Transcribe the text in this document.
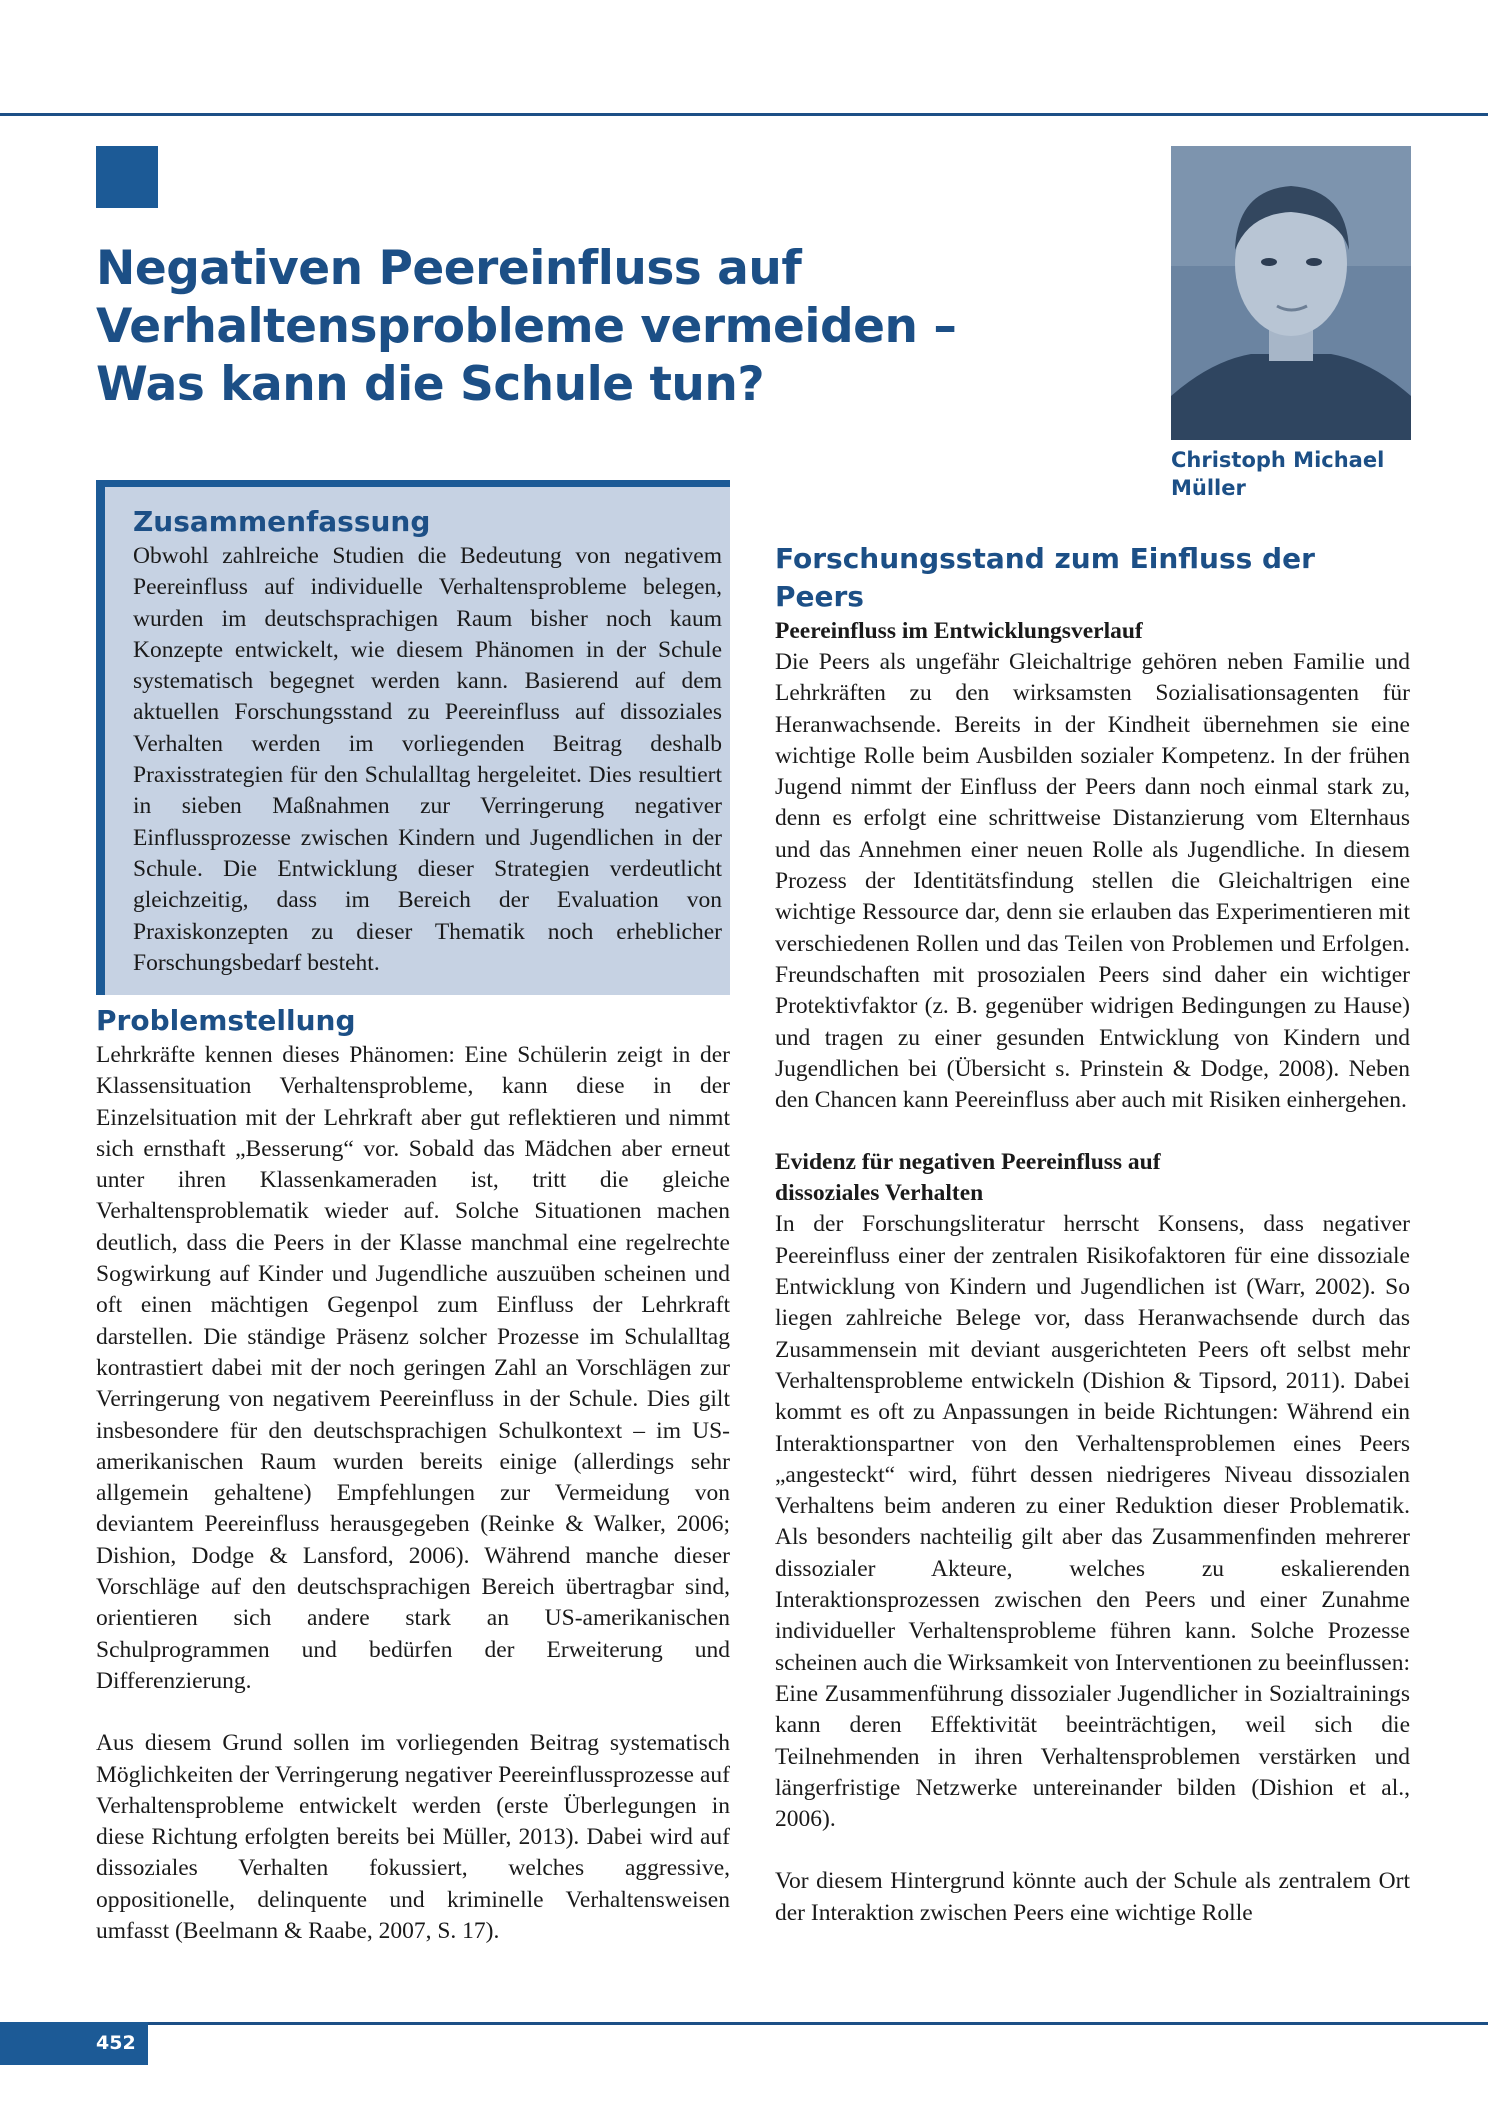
Negativen Peereinfluss auf Verhaltensprobleme vermeiden – Was kann die Schule tun?
Christoph Michael Müller
Zusammenfassung

Obwohl zahlreiche Studien die Bedeutung von negativem Peereinfluss auf individuelle Verhaltensprobleme belegen, wurden im deutschsprachigen Raum bisher noch kaum Konzepte entwickelt, wie diesem Phänomen in der Schule systematisch begegnet werden kann. Basierend auf dem aktuellen Forschungsstand zu Peereinfluss auf dissoziales Verhalten werden im vorliegenden Beitrag deshalb Praxisstrategien für den Schulalltag hergeleitet. Dies resultiert in sieben Maßnahmen zur Verringerung negativer Einflussprozesse zwischen Kindern und Jugendlichen in der Schule. Die Entwicklung dieser Strategien verdeutlicht gleichzeitig, dass im Bereich der Evaluation von Praxiskonzepten zu dieser Thematik noch erheblicher Forschungsbedarf besteht.

Problemstellung

Lehrkräfte kennen dieses Phänomen: Eine Schülerin zeigt in der Klassensituation Verhaltensprobleme, kann diese in der Einzelsituation mit der Lehrkraft aber gut reflektieren und nimmt sich ernsthaft „Besserung“ vor. Sobald das Mädchen aber erneut unter ihren Klassenkameraden ist, tritt die gleiche Verhaltensproblematik wieder auf. Solche Situationen machen deutlich, dass die Peers in der Klasse manchmal eine regelrechte Sogwirkung auf Kinder und Jugendliche auszuüben scheinen und oft einen mächtigen Gegenpol zum Einfluss der Lehrkraft darstellen. Die ständige Präsenz solcher Prozesse im Schulalltag kontrastiert dabei mit der noch geringen Zahl an Vorschlägen zur Verringerung von negativem Peereinfluss in der Schule. Dies gilt insbesondere für den deutschsprachigen Schulkontext – im US-amerikanischen Raum wurden bereits einige (allerdings sehr allgemein gehaltene) Empfehlungen zur Vermeidung von deviantem Peereinfluss herausgegeben (Reinke & Walker, 2006; Dishion, Dodge & Lansford, 2006). Während manche dieser Vorschläge auf den deutschsprachigen Bereich übertragbar sind, orientieren sich andere stark an US-amerikanischen Schulprogrammen und bedürfen der Erweiterung und Differenzierung.

Aus diesem Grund sollen im vorliegenden Beitrag systematisch Möglichkeiten der Verringerung negativer Peereinflussprozesse auf Verhaltensprobleme entwickelt werden (erste Überlegungen in diese Richtung erfolgten bereits bei Müller, 2013). Dabei wird auf dissoziales Verhalten fokussiert, welches aggressive, oppositionelle, delinquente und kriminelle Verhaltensweisen umfasst (Beelmann & Raabe, 2007, S. 17).

Forschungsstand zum Einfluss der Peers
Peereinfluss im Entwicklungsverlauf

Die Peers als ungefähr Gleichaltrige gehören neben Familie und Lehrkräften zu den wirksamsten Sozialisationsagenten für Heranwachsende. Bereits in der Kindheit übernehmen sie eine wichtige Rolle beim Ausbilden sozialer Kompetenz. In der frühen Jugend nimmt der Einfluss der Peers dann noch einmal stark zu, denn es erfolgt eine schrittweise Distanzierung vom Elternhaus und das Annehmen einer neuen Rolle als Jugendliche. In diesem Prozess der Identitätsfindung stellen die Gleichaltrigen eine wichtige Ressource dar, denn sie erlauben das Experimentieren mit verschiedenen Rollen und das Teilen von Problemen und Erfolgen. Freundschaften mit prosozialen Peers sind daher ein wichtiger Protektivfaktor (z. B. gegenüber widrigen Bedingungen zu Hause) und tragen zu einer gesunden Entwicklung von Kindern und Jugendlichen bei (Übersicht s. Prinstein & Dodge, 2008). Neben den Chancen kann Peereinfluss aber auch mit Risiken einhergehen.

Evidenz für negativen Peereinfluss auf
dissoziales Verhalten

In der Forschungsliteratur herrscht Konsens, dass negativer Peereinfluss einer der zentralen Risikofaktoren für eine dissoziale Entwicklung von Kindern und Jugendlichen ist (Warr, 2002). So liegen zahlreiche Belege vor, dass Heranwachsende durch das Zusammensein mit deviant ausgerichteten Peers oft selbst mehr Verhaltensprobleme entwickeln (Dishion & Tipsord, 2011). Dabei kommt es oft zu Anpassungen in beide Richtungen: Während ein Interaktionspartner von den Verhaltensproblemen eines Peers „angesteckt“ wird, führt dessen niedrigeres Niveau dissozialen Verhaltens beim anderen zu einer Reduktion dieser Problematik. Als besonders nachteilig gilt aber das Zusammenfinden mehrerer dissozialer Akteure, welches zu eskalierenden Interaktionsprozessen zwischen den Peers und einer Zunahme individueller Verhaltensprobleme führen kann. Solche Prozesse scheinen auch die Wirksamkeit von Interventionen zu beeinflussen: Eine Zusammenführung dissozialer Jugendlicher in Sozialtrainings kann deren Effektivität beeinträchtigen, weil sich die Teilnehmenden in ihren Verhaltensproblemen verstärken und längerfristige Netzwerke untereinander bilden (Dishion et al., 2006).

Vor diesem Hintergrund könnte auch der Schule als zentralem Ort der Interaktion zwischen Peers eine wichtige Rolle

452
